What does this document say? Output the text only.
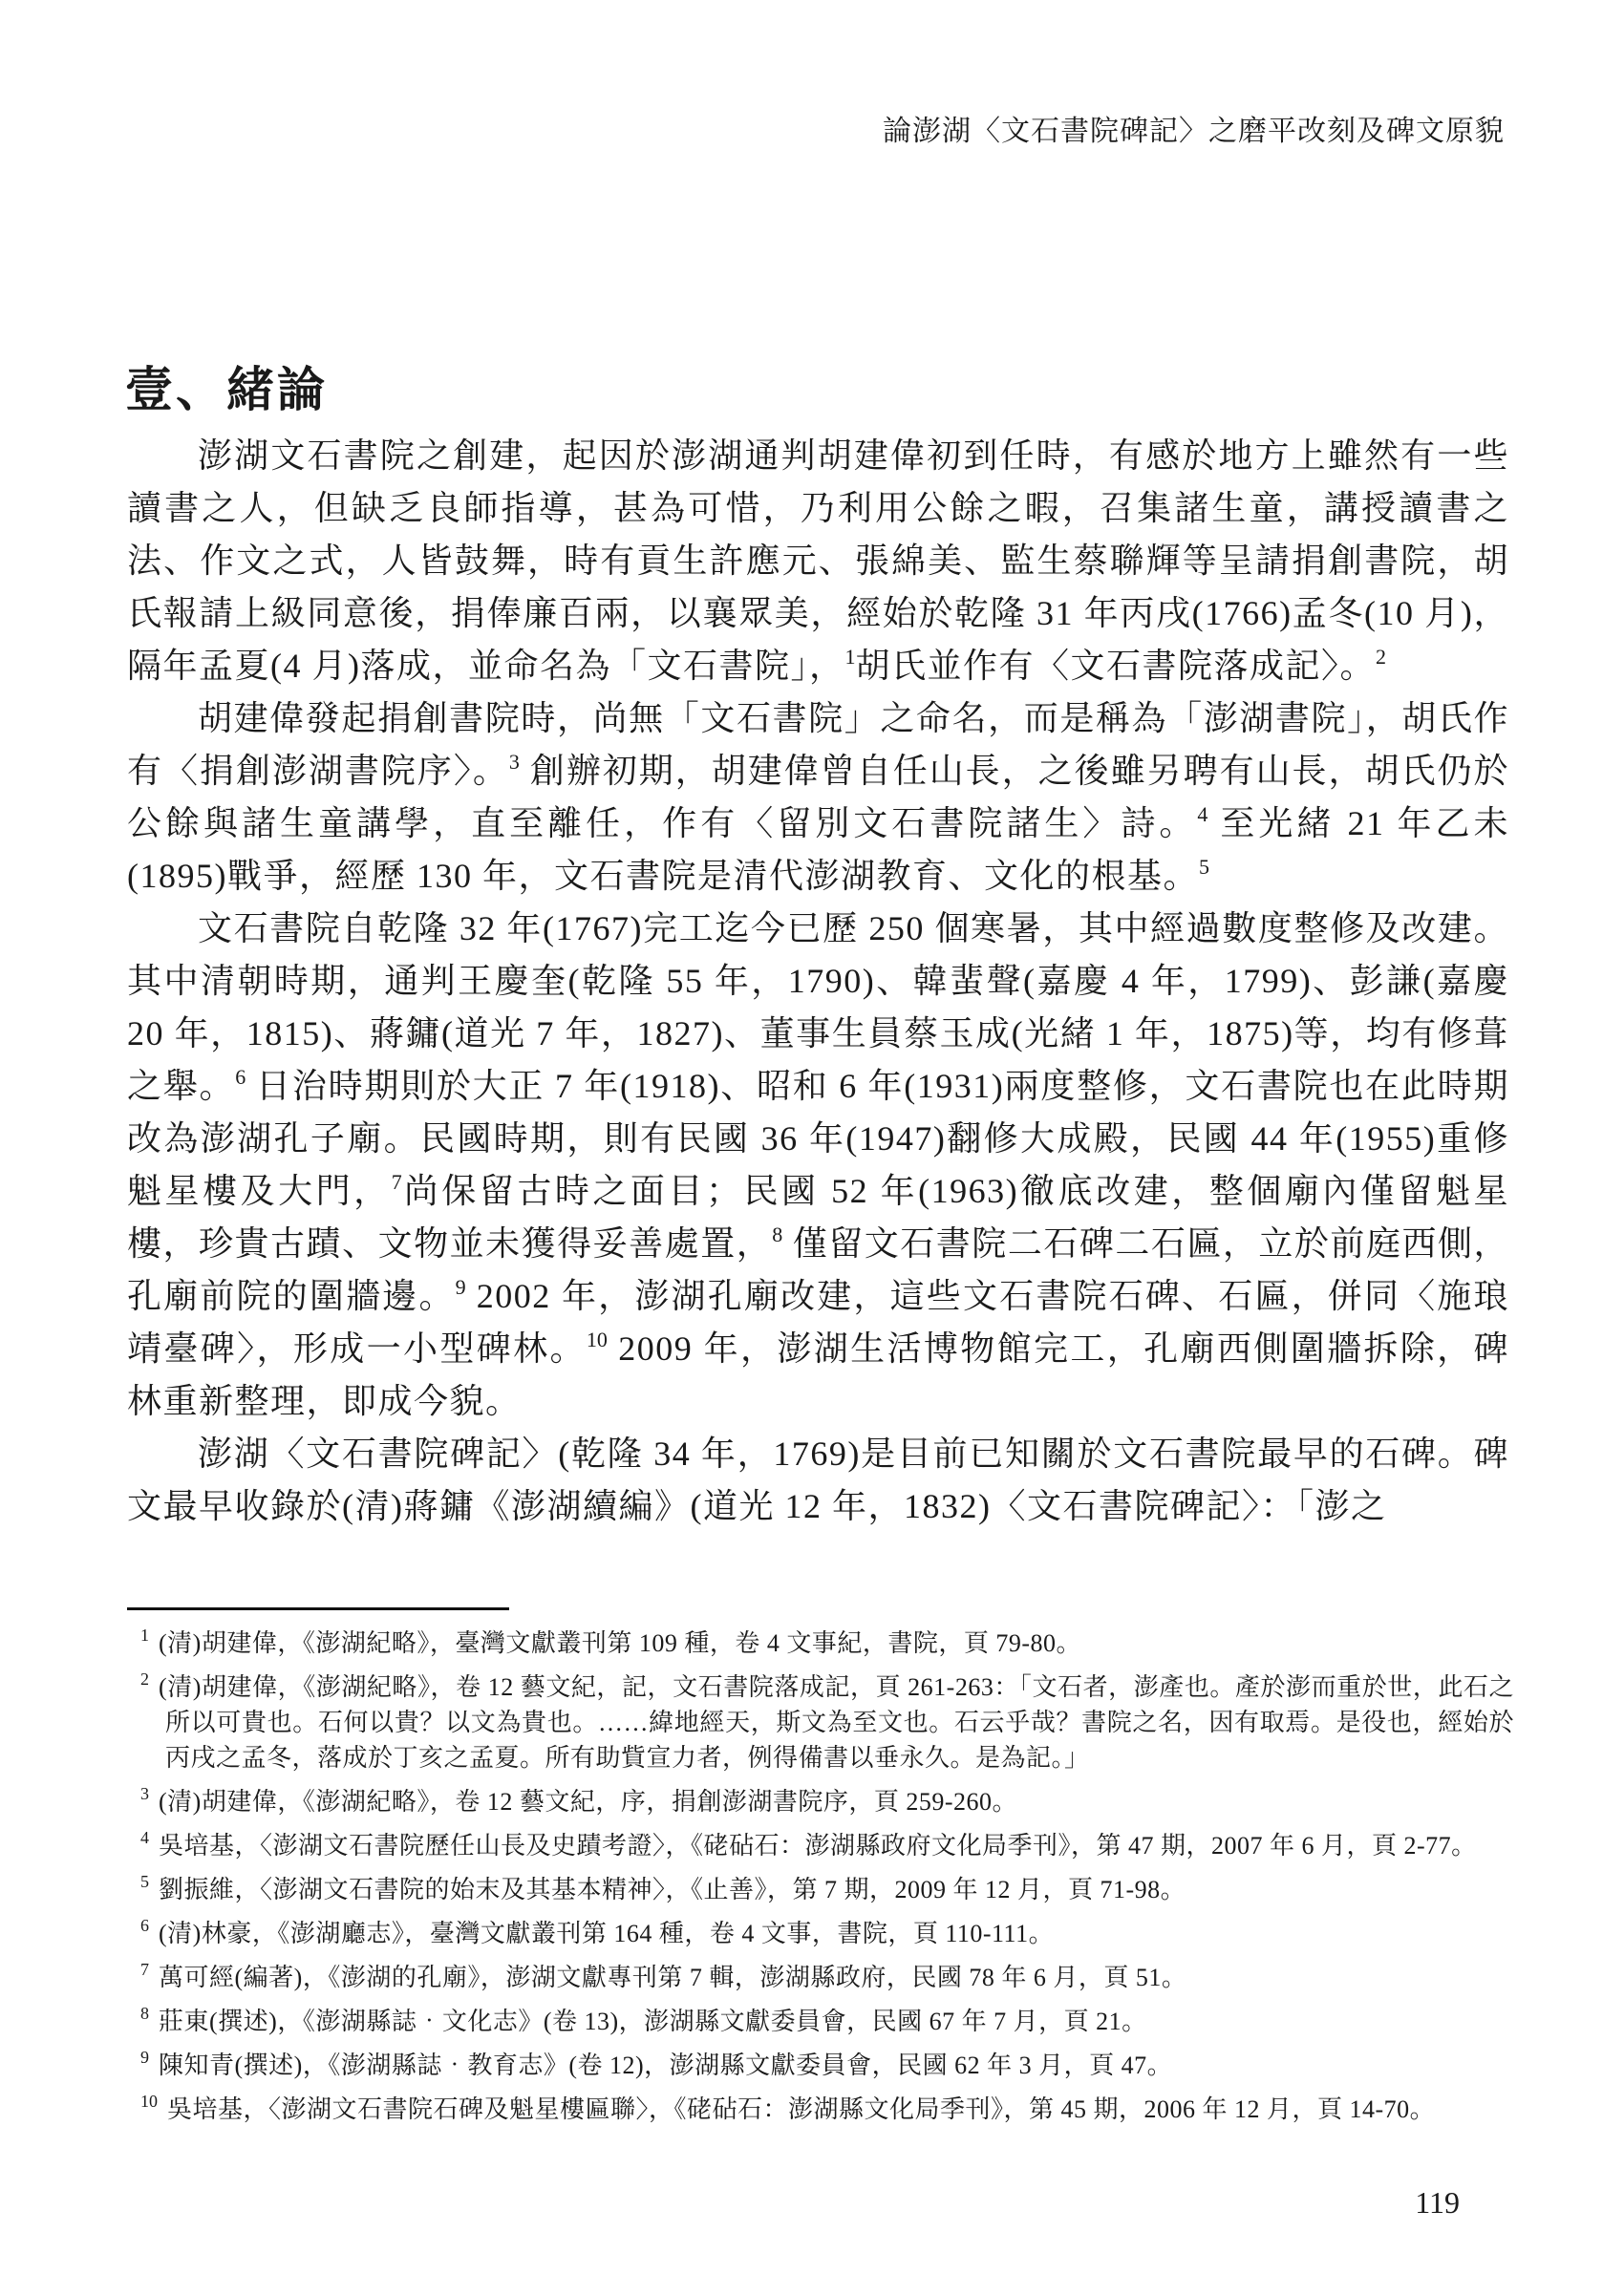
論澎湖〈文石書院碑記〉之磨平改刻及碑文原貌
壹、緒論

澎湖文石書院之創建，起因於澎湖通判胡建偉初到任時，有感於地方上雖然有一些讀書之人，但缺乏良師指導，甚為可惜，乃利用公餘之暇，召集諸生童，講授讀書之法、作文之式，人皆鼓舞，時有貢生許應元、張綿美、監生蔡聯輝等呈請捐創書院，胡氏報請上級同意後，捐俸廉百兩，以襄眾美，經始於乾隆 31 年丙戌(1766)孟冬(10 月)，隔年孟夏(4 月)落成，並命名為「文石書院」，$^1$胡氏並作有〈文石書院落成記〉。$^2$

胡建偉發起捐創書院時，尚無「文石書院」之命名，而是稱為「澎湖書院」，胡氏作有〈捐創澎湖書院序〉。$^3$ 創辦初期，胡建偉曾自任山長，之後雖另聘有山長，胡氏仍於公餘與諸生童講學，直至離任，作有〈留別文石書院諸生〉詩。$^4$ 至光緒 21 年乙未(1895)戰爭，經歷 130 年，文石書院是清代澎湖教育、文化的根基。$^5$

文石書院自乾隆 32 年(1767)完工迄今已歷 250 個寒暑，其中經過數度整修及改建。其中清朝時期，通判王慶奎(乾隆 55 年，1790)、韓蜚聲(嘉慶 4 年，1799)、彭謙(嘉慶 20 年，1815)、蔣鏞(道光 7 年，1827)、董事生員蔡玉成(光緒 1 年，1875)等，均有修葺之舉。$^6$ 日治時期則於大正 7 年(1918)、昭和 6 年(1931)兩度整修，文石書院也在此時期改為澎湖孔子廟。民國時期，則有民國 36 年(1947)翻修大成殿，民國 44 年(1955)重修魁星樓及大門，$^7$尚保留古時之面目；民國 52 年(1963)徹底改建，整個廟內僅留魁星樓，珍貴古蹟、文物並未獲得妥善處置，$^8$ 僅留文石書院二石碑二石匾，立於前庭西側，孔廟前院的圍牆邊。$^9$ 2002 年，澎湖孔廟改建，這些文石書院石碑、石匾，併同〈施琅靖臺碑〉，形成一小型碑林。$^{10}$ 2009 年，澎湖生活博物館完工，孔廟西側圍牆拆除，碑林重新整理，即成今貌。

澎湖〈文石書院碑記〉(乾隆 34 年，1769)是目前已知關於文石書院最早的石碑。碑文最早收錄於(清)蔣鏞《澎湖續編》(道光 12 年，1832)〈文石書院碑記〉：「澎之

$^1$ (清)胡建偉，《澎湖紀略》，臺灣文獻叢刊第 109 種，卷 4 文事紀，書院，頁 79-80。

$^2$ (清)胡建偉，《澎湖紀略》，卷 12 藝文紀，記，文石書院落成記，頁 261-263：「文石者，澎產也。產於澎而重於世，此石之所以可貴也。石何以貴？以文為貴也。……緯地經天，斯文為至文也。石云乎哉？書院之名，因有取焉。是役也，經始於丙戌之孟冬，落成於丁亥之孟夏。所有助貲宣力者，例得備書以垂永久。是為記。」

$^3$ (清)胡建偉，《澎湖紀略》，卷 12 藝文紀，序，捐創澎湖書院序，頁 259-260。

$^4$ 吳培基，〈澎湖文石書院歷任山長及史蹟考證〉，《硓砧石：澎湖縣政府文化局季刊》，第 47 期，2007 年 6 月，頁 2-77。

$^5$ 劉振維，〈澎湖文石書院的始末及其基本精神〉，《止善》，第 7 期，2009 年 12 月，頁 71-98。

$^6$ (清)林豪，《澎湖廳志》，臺灣文獻叢刊第 164 種，卷 4 文事，書院，頁 110-111。

$^7$ 萬可經(編著)，《澎湖的孔廟》，澎湖文獻專刊第 7 輯，澎湖縣政府，民國 78 年 6 月，頁 51。

$^8$ 莊東(撰述)，《澎湖縣誌‧文化志》(卷 13)，澎湖縣文獻委員會，民國 67 年 7 月，頁 21。

$^9$ 陳知青(撰述)，《澎湖縣誌‧教育志》(卷 12)，澎湖縣文獻委員會，民國 62 年 3 月，頁 47。

$^{10}$ 吳培基，〈澎湖文石書院石碑及魁星樓匾聯〉，《硓砧石：澎湖縣文化局季刊》，第 45 期，2006 年 12 月，頁 14-70。

119
